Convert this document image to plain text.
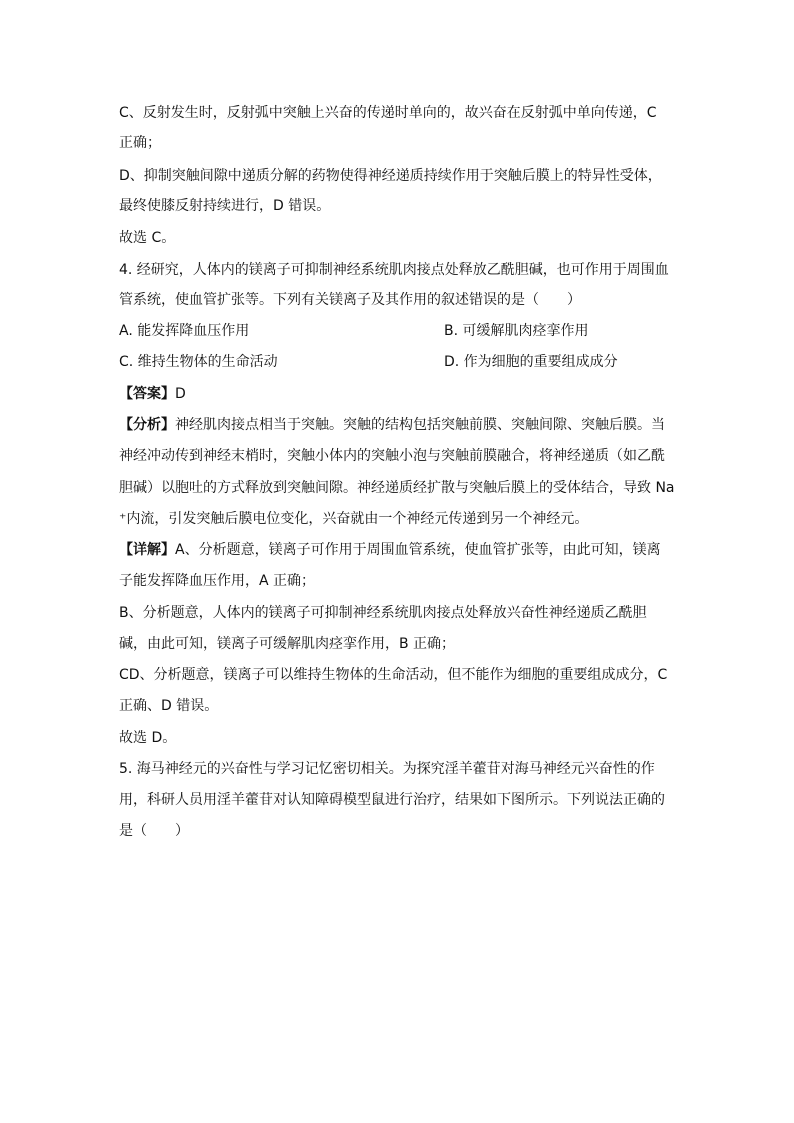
C、反射发生时，反射弧中突触上兴奋的传递时单向的，故兴奋在反射弧中单向传递，C
正确；
D、抑制突触间隙中递质分解的药物使得神经递质持续作用于突触后膜上的特异性受体，
最终使膝反射持续进行，D 错误。
故选 C。
4. 经研究，人体内的镁离子可抑制神经系统肌肉接点处释放乙酰胆碱，也可作用于周围血
管系统，使血管扩张等。下列有关镁离子及其作用的叙述错误的是（　　）
A. 能发挥降血压作用	B. 可缓解肌肉痉挛作用
C. 维持生物体的生命活动	D. 作为细胞的重要组成成分
【答案】D
【分析】神经肌肉接点相当于突触。突触的结构包括突触前膜、突触间隙、突触后膜。当
神经冲动传到神经末梢时，突触小体内的突触小泡与突触前膜融合，将神经递质（如乙酰
胆碱）以胞吐的方式释放到突触间隙。神经递质经扩散与突触后膜上的受体结合，导致 Na
⁺内流，引发突触后膜电位变化，兴奋就由一个神经元传递到另一个神经元。
【详解】A、分析题意，镁离子可作用于周围血管系统，使血管扩张等，由此可知，镁离
子能发挥降血压作用，A 正确；
B、分析题意，人体内的镁离子可抑制神经系统肌肉接点处释放兴奋性神经递质乙酰胆
碱，由此可知，镁离子可缓解肌肉痉挛作用，B 正确；
CD、分析题意，镁离子可以维持生物体的生命活动，但不能作为细胞的重要组成成分，C
正确、D 错误。
故选 D。
5. 海马神经元的兴奋性与学习记忆密切相关。为探究淫羊藿苷对海马神经元兴奋性的作
用，科研人员用淫羊藿苷对认知障碍模型鼠进行治疗，结果如下图所示。下列说法正确的
是（　　）
